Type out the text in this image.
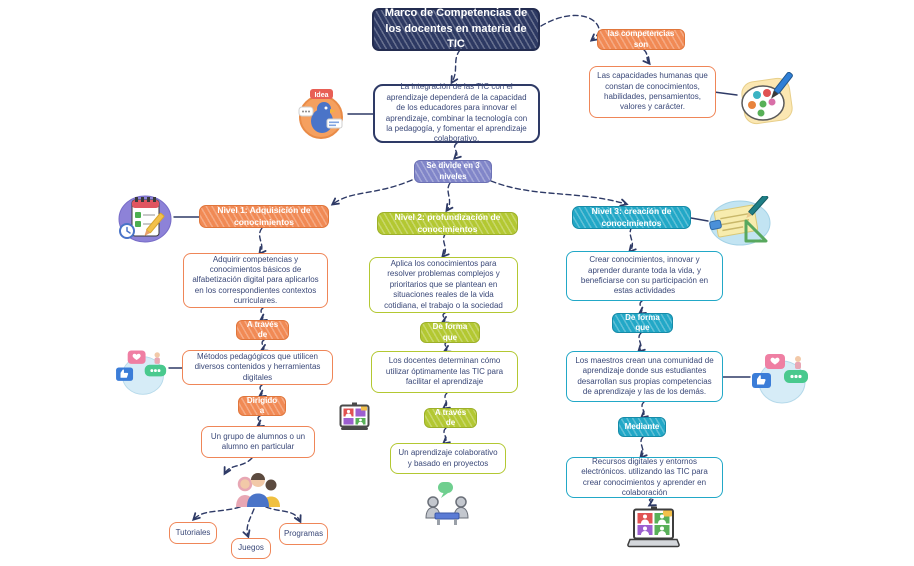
Marco de Competencias de los docentes en materia de TIC
las competencias son
Las capacidades humanas que constan de conocimientos, habilidades, pensamientos, valores y carácter.
La integración de las TIC con el aprendizaje dependerá de la capacidad de los educadores para innovar el aprendizaje, combinar la tecnología con la pedagogía, y fomentar el aprendizaje colaborativo.
Se divide en 3 niveles
Nivel 1: Adquisición de conocimientos
Adquirir competencias y conocimientos básicos de alfabetización digital para aplicarlos en los correspondientes contextos curriculares.
A través de
Métodos pedagógicos que utilicen diversos contenidos y herramientas digitales
Dirigido a
Un grupo de alumnos o un alumno en particular
Tutoriales
Juegos
Programas
Nivel 2: profundización de conocimientos
Aplica los conocimientos para resolver problemas complejos y prioritarios que se plantean en situaciones reales de la vida cotidiana, el trabajo o la sociedad
De forma que
Los docentes determinan cómo utilizar óptimamente las TIC para facilitar el aprendizaje
A través de
Un aprendizaje colaborativo y basado en proyectos
Nivel 3: creación de conocimientos
Crear conocimientos, innovar y aprender durante toda la vida, y beneficiarse con su participación en estas actividades
De forma que
Los maestros crean una comunidad de aprendizaje donde sus estudiantes desarrollan sus propias competencias de aprendizaje y las de los demás.
Mediante
Recursos digitales y entornos electrónicos. utilizando las TIC para crear conocimientos y aprender en colaboración
Idea
